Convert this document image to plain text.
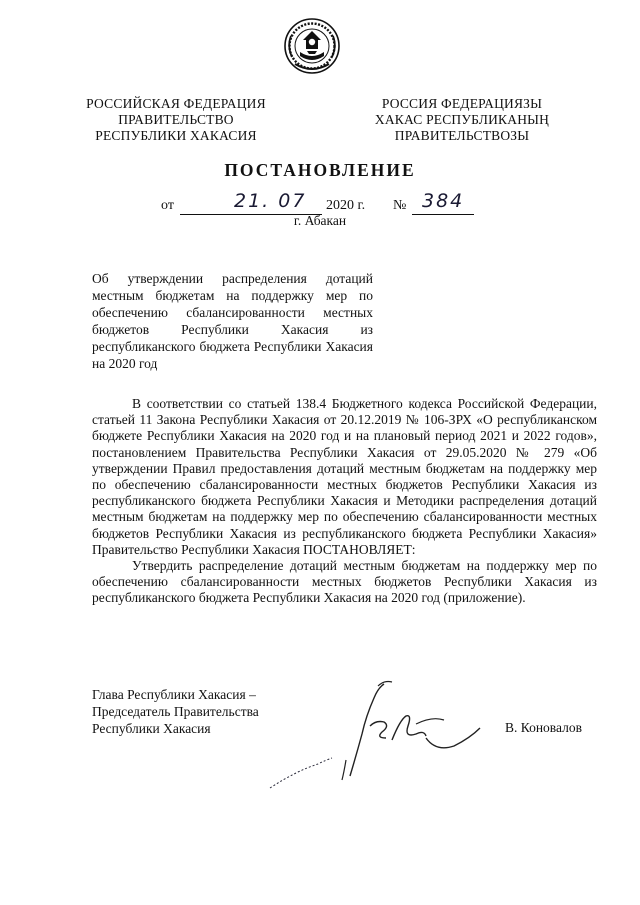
РОССИЙСКАЯ ФЕДЕРАЦИЯ
ПРАВИТЕЛЬСТВО
РЕСПУБЛИКИ ХАКАСИЯ
РОССИЯ ФЕДЕРАЦИЯЗЫ
ХАКАС РЕСПУБЛИКАНЫҢ
ПРАВИТЕЛЬСТВОЗЫ
ПОСТАНОВЛЕНИЕ
от	21. 07 2020 г. № 384
г. Абакан
Об утверждении распределения дотаций местным бюджетам на поддержку мер по обеспечению сбалансированности местных бюджетов Республики Хакасия из республиканского бюджета Республики Хакасия на 2020 год

В соответствии со статьей 138.4 Бюджетного кодекса Российской Федерации, статьей 11 Закона Республики Хакасия от 20.12.2019 № 106-ЗРХ «О республиканском бюджете Республики Хакасия на 2020 год и на плановый период 2021 и 2022 годов», постановлением Правительства Республики Хакасия от 29.05.2020 № 279 «Об утверждении Правил предоставления дотаций местным бюджетам на поддержку мер по обеспечению сбалансированности местных бюджетов Республики Хакасия из республиканского бюджета Республики Хакасия и Методики распределения дотаций местным бюджетам на поддержку мер по обеспечению сбалансированности местных бюджетов Республики Хакасия из республиканского бюджета Республики Хакасия» Правительство Республики Хакасия ПОСТАНОВЛЯЕТ:

Утвердить распределение дотаций местным бюджетам на поддержку мер по обеспечению сбалансированности местных бюджетов Республики Хакасия из республиканского бюджета Республики Хакасия на 2020 год (приложение).

Глава Республики Хакасия –
Председатель Правительства
Республики Хакасия	В. Коновалов
